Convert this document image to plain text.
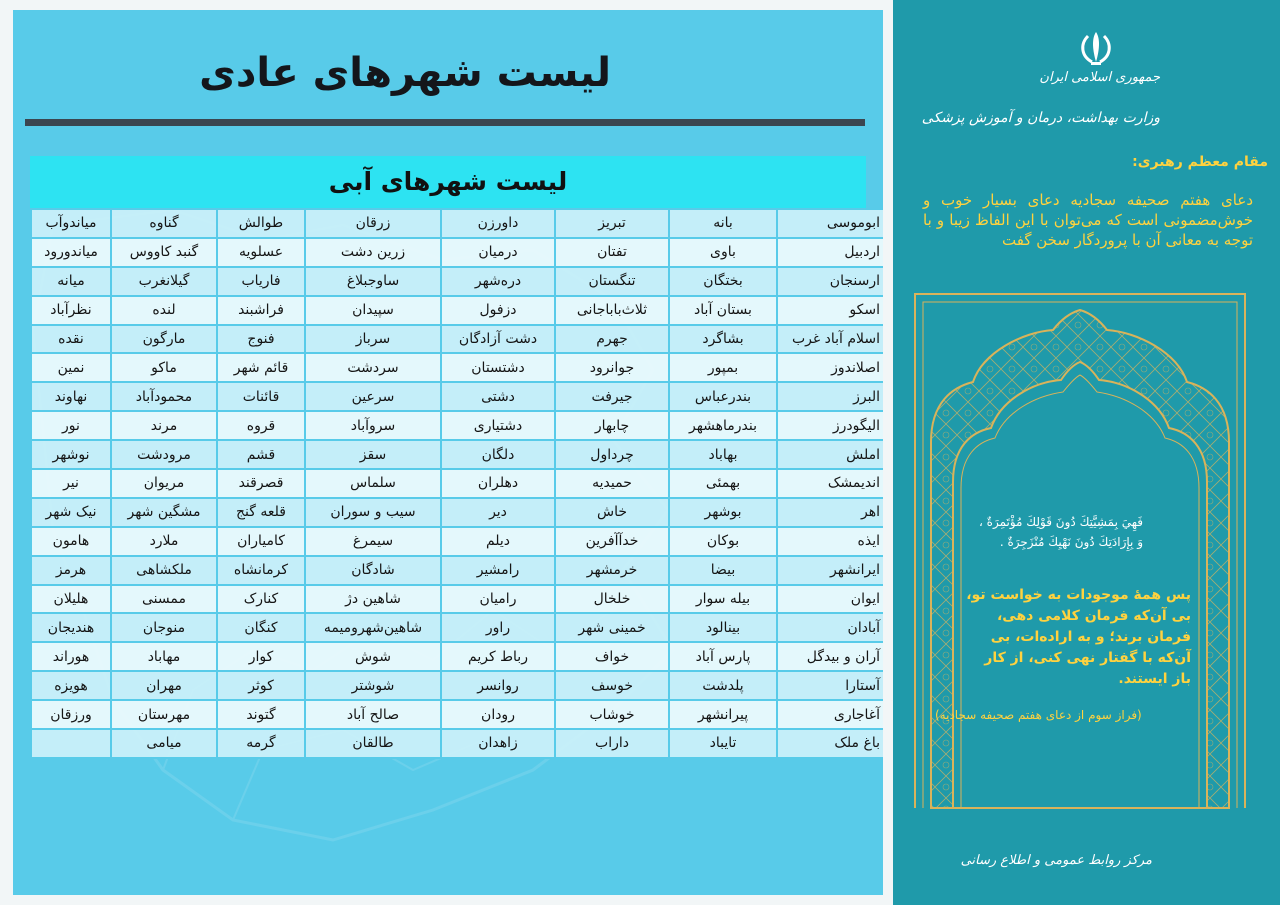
لیست شهرهای عادی
لیست شهرهای آبی
ابوموسی	بانه	تبریز	داورزن	زرقان	طوالش	گناوه	میاندوآب
اردبیل	باوی	تفتان	درمیان	زرین دشت	عسلویه	گنبد کاووس	میاندورود
ارسنجان	بختگان	تنگستان	دره‌شهر	ساوجبلاغ	فاریاب	گیلانغرب	میانه
اسکو	بستان آباد	ثلاث‌باباجانی	دزفول	سپیدان	فراشبند	لنده	نظرآباد
اسلام آباد غرب	بشاگرد	جهرم	دشت آزادگان	سرباز	فنوج	مارگون	نقده
اصلاندوز	بمپور	جوانرود	دشتستان	سردشت	قائم شهر	ماکو	نمین
البرز	بندرعباس	جیرفت	دشتی	سرعین	قائنات	محمودآباد	نهاوند
الیگودرز	بندرماهشهر	چابهار	دشتیاری	سروآباد	قروه	مرند	نور
املش	بهاباد	چرداول	دلگان	سقز	قشم	مرودشت	نوشهر
اندیمشک	بهمئی	حمیدیه	دهلران	سلماس	قصرقند	مریوان	نیر
اهر	بوشهر	خاش	دیر	سیب و سوران	قلعه گنج	مشگین شهر	نیک شهر
ایذه	بوکان	خدآآفرین	دیلم	سیمرغ	کامیاران	ملارد	هامون
ایرانشهر	بیضا	خرمشهر	رامشیر	شادگان	کرمانشاه	ملکشاهی	هرمز
ایوان	بیله سوار	خلخال	رامیان	شاهین دژ	کنارک	ممسنی	هلیلان
آبادان	بینالود	خمینی شهر	راور	شاهین‌شهرومیمه	کنگان	منوجان	هندیجان
آران و بیدگل	پارس آباد	خواف	رباط کریم	شوش	کوار	مهاباد	هوراند
آستارا	پلدشت	خوسف	روانسر	شوشتر	کوثر	مهران	هویزه
آغاجاری	پیرانشهر	خوشاب	رودان	صالح آباد	گتوند	مهرستان	ورزقان
باغ ملک	تایباد	داراب	زاهدان	طالقان	گرمه	میامی	
جمهوری اسلامی ایران
وزارت بهداشت، درمان و آموزش پزشکی
مقام معظم رهبری:
دعای هفتم صحیفه سجادیه دعای بسیار خوب و خوش‌مضمونی است که می‌توان با این الفاظ زیبا و با توجه به معانی آن با پروردگار سخن گفت
فَهِيَ بِمَشِيَّتِكَ دُونَ قَوْلِكَ مُؤْتَمِرَةٌ ، وَ بِإِرَادَتِكَ دُونَ نَهْيِكَ مُنْزَجِرَةٌ .
پس همهٔ موجودات به خواست تو، بی آن‌که فرمان کلامی دهی، فرمان برند؛ و به اراده‌ات، بی آن‌که با گفتار نهی کنی، از کار باز ایستند.
(فراز سوم از دعای هفتم صحیفه سجادیه)
مرکز روابط عمومی و اطلاع رسانی
